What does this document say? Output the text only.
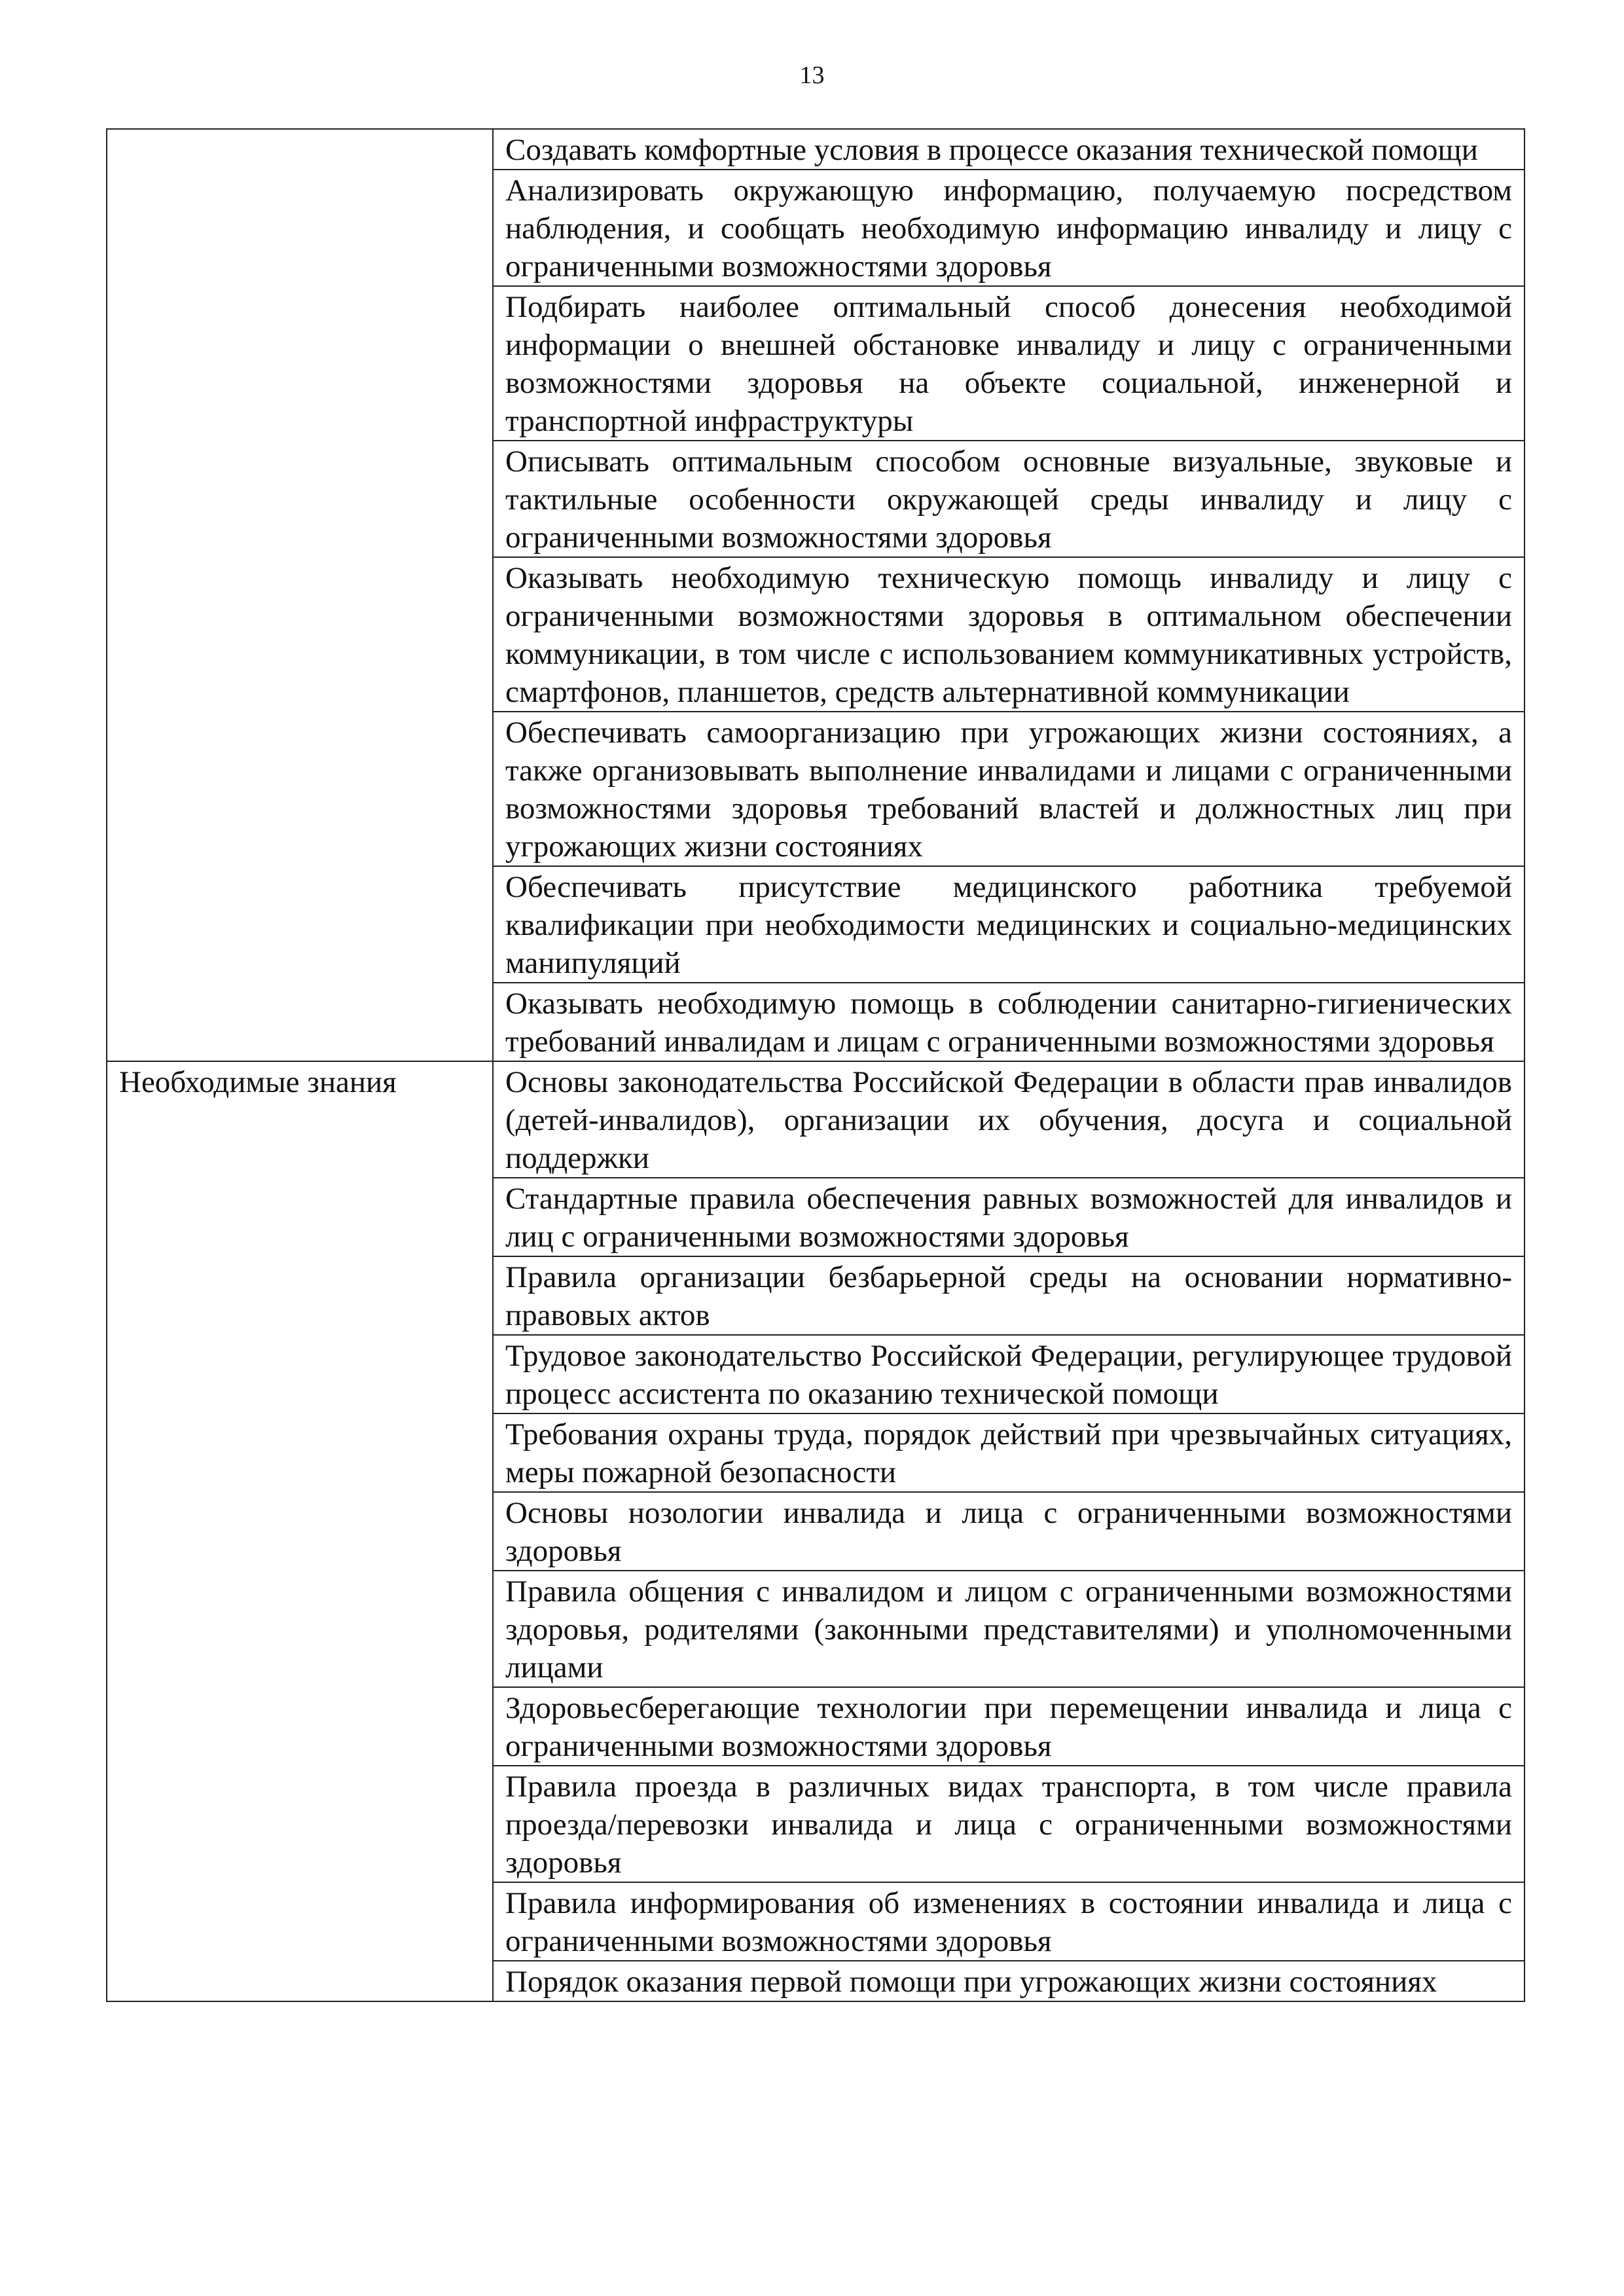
13
	Создавать комфортные условия в процессе оказания технической помощи
	Анализировать окружающую информацию, получаемую посредством наблюдения, и сообщать необходимую информацию инвалиду и лицу с ограниченными возможностями здоровья
	Подбирать наиболее оптимальный способ донесения необходимой информации о внешней обстановке инвалиду и лицу с ограниченными возможностями здоровья на объекте социальной, инженерной и транспортной инфраструктуры
	Описывать оптимальным способом основные визуальные, звуковые и тактильные особенности окружающей среды инвалиду и лицу с ограниченными возможностями здоровья
	Оказывать необходимую техническую помощь инвалиду и лицу с ограниченными возможностями здоровья в оптимальном обеспечении коммуникации, в том числе с использованием коммуникативных устройств, смартфонов, планшетов, средств альтернативной коммуникации
	Обеспечивать самоорганизацию при угрожающих жизни состояниях, а также организовывать выполнение инвалидами и лицами с ограниченными возможностями здоровья требований властей и должностных лиц при угрожающих жизни состояниях
	Обеспечивать присутствие медицинского работника требуемой квалификации при необходимости медицинских и социально-медицинских манипуляций
	Оказывать необходимую помощь в соблюдении санитарно-гигиенических требований инвалидам и лицам с ограниченными возможностями здоровья
Необходимые знания	Основы законодательства Российской Федерации в области прав инвалидов (детей-инвалидов), организации их обучения, досуга и социальной поддержки
	Стандартные правила обеспечения равных возможностей для инвалидов и лиц с ограниченными возможностями здоровья
	Правила организации безбарьерной среды на основании нормативно-правовых актов
	Трудовое законодательство Российской Федерации, регулирующее трудовой процесс ассистента по оказанию технической помощи
	Требования охраны труда, порядок действий при чрезвычайных ситуациях, меры пожарной безопасности
	Основы нозологии инвалида и лица с ограниченными возможностями здоровья
	Правила общения с инвалидом и лицом с ограниченными возможностями здоровья, родителями (законными представителями) и уполномоченными лицами
	Здоровьесберегающие технологии при перемещении инвалида и лица с ограниченными возможностями здоровья
	Правила проезда в различных видах транспорта, в том числе правила проезда/перевозки инвалида и лица с ограниченными возможностями здоровья
	Правила информирования об изменениях в состоянии инвалида и лица с ограниченными возможностями здоровья
	Порядок оказания первой помощи при угрожающих жизни состояниях
